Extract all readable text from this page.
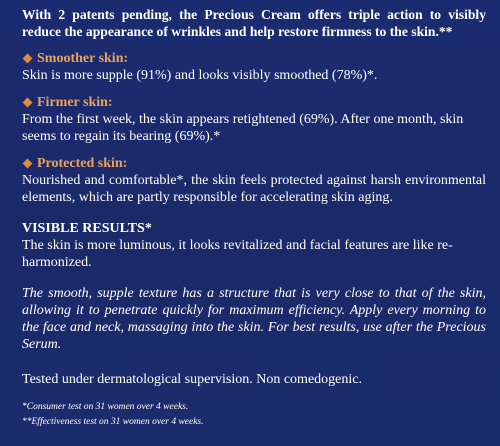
With 2 patents pending, the Precious Cream offers triple action to visibly reduce the appearance of wrinkles and help restore firmness to the skin.**

Smoother skin:
Skin is more supple (91%) and looks visibly smoothed (78%)*.
Firmer skin:
From the first week, the skin appears retightened (69%). After one month, skin seems to regain its bearing (69%).*
Protected skin:
Nourished and comfortable*, the skin feels protected against harsh environmental elements, which are partly responsible for accelerating skin aging.
VISIBLE RESULTS*
The skin is more luminous, it looks revitalized and facial features are like re-harmonized.

The smooth, supple texture has a structure that is very close to that of the skin, allowing it to penetrate quickly for maximum efficiency. Apply every morning to the face and neck, massaging into the skin. For best results, use after the Precious Serum.

Tested under dermatological supervision. Non comedogenic.
*Consumer test on 31 women over 4 weeks.
**Effectiveness test on 31 women over 4 weeks.
